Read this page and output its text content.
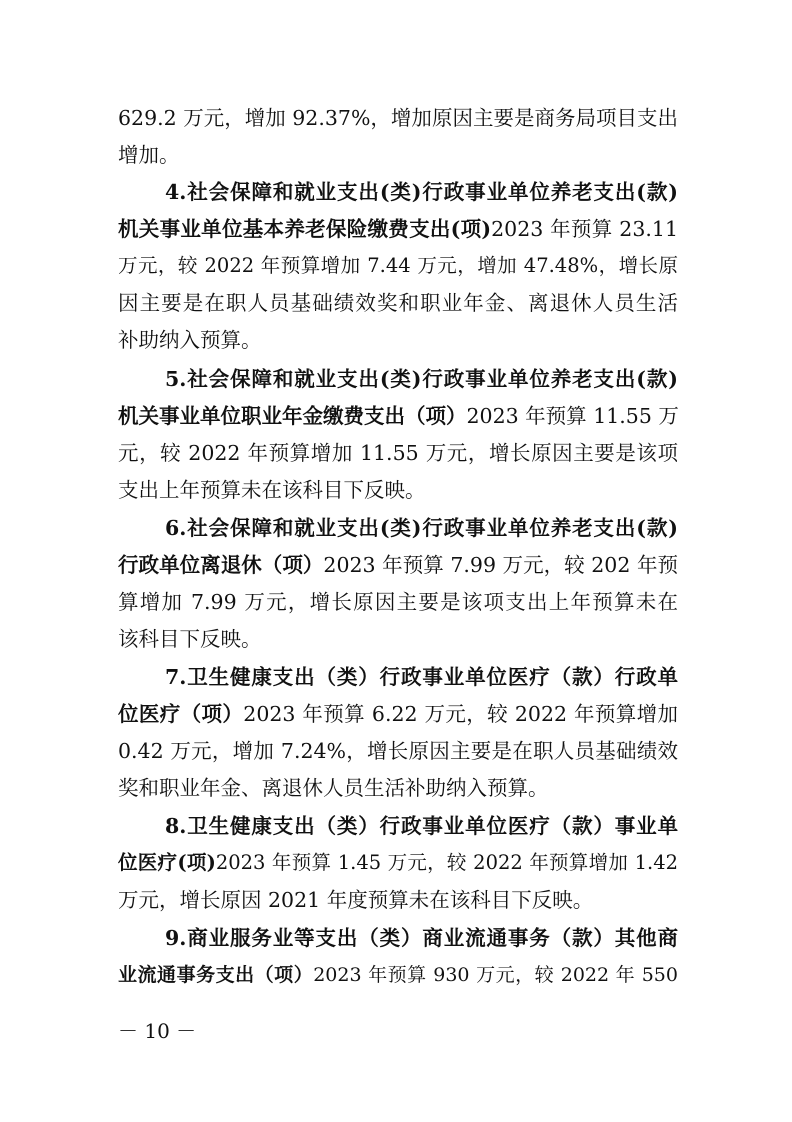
629.2 万元，增加 92.37%，增加原因主要是商务局项目支出
增加。
4.社会保障和就业支出(类)行政事业单位养老支出(款)
机关事业单位基本养老保险缴费支出(项)2023 年预算 23.11
万元，较 2022 年预算增加 7.44 万元，增加 47.48%，增长原
因主要是在职人员基础绩效奖和职业年金、离退休人员生活
补助纳入预算。
5.社会保障和就业支出(类)行政事业单位养老支出(款)
机关事业单位职业年金缴费支出（项）2023 年预算 11.55 万
元，较 2022 年预算增加 11.55 万元，增长原因主要是该项
支出上年预算未在该科目下反映。
6.社会保障和就业支出(类)行政事业单位养老支出(款)
行政单位离退休（项）2023 年预算 7.99 万元，较 202 年预
算增加 7.99 万元，增长原因主要是该项支出上年预算未在
该科目下反映。
7.卫生健康支出（类）行政事业单位医疗（款）行政单
位医疗（项）2023 年预算 6.22 万元，较 2022 年预算增加
0.42 万元，增加 7.24%，增长原因主要是在职人员基础绩效
奖和职业年金、离退休人员生活补助纳入预算。
8.卫生健康支出（类）行政事业单位医疗（款）事业单
位医疗(项)2023 年预算 1.45 万元，较 2022 年预算增加 1.42
万元，增长原因 2021 年度预算未在该科目下反映。
9.商业服务业等支出（类）商业流通事务（款）其他商
业流通事务支出（项）2023 年预算 930 万元，较 2022 年 550
－ 10 －
